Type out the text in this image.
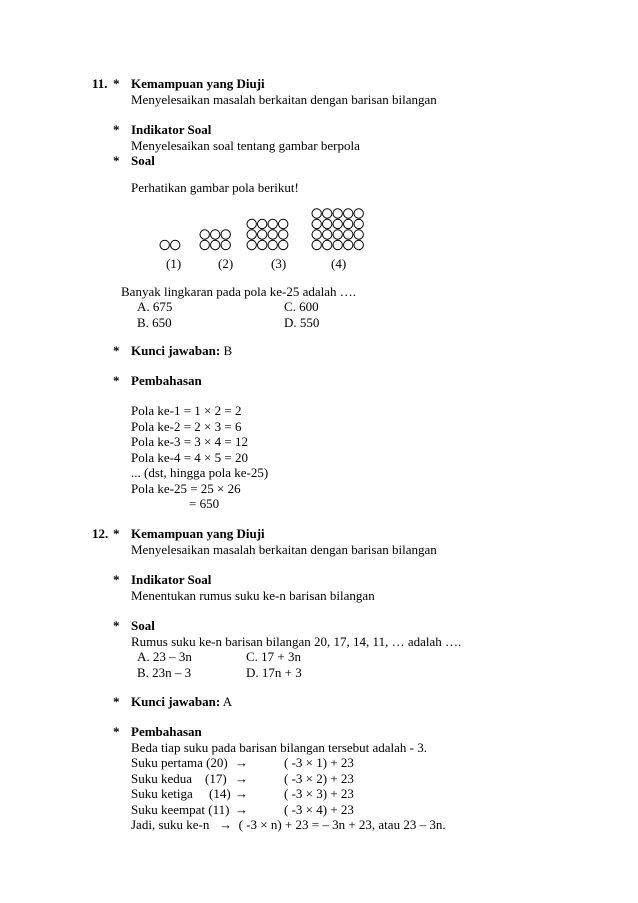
11. * Kemampuan yang Diuji
Menyelesaikan masalah berkaitan dengan barisan bilangan
* Indikator Soal
Menyelesaikan soal tentang gambar berpola
* Soal
Perhatikan gambar pola berikut!
(1)	(2)	(3)	(4)
Banyak lingkaran pada pola ke-25 adalah ….
A. 675	C. 600
B. 650	D. 550
* Kunci jawaban: B
* Pembahasan
Pola ke-1 = 1 × 2 = 2
Pola ke-2 = 2 × 3 = 6
Pola ke-3 = 3 × 4 = 12
Pola ke-4 = 4 × 5 = 20
... (dst, hingga pola ke-25)
Pola ke-25 = 25 × 26
= 650
12. * Kemampuan yang Diuji
Menyelesaikan masalah berkaitan dengan barisan bilangan
* Indikator Soal
Menentukan rumus suku ke-n barisan bilangan
* Soal
Rumus suku ke-n barisan bilangan 20, 17, 14, 11, … adalah ….
A. 23 – 3n	C. 17 + 3n
B. 23n – 3	D. 17n + 3
* Kunci jawaban: A
* Pembahasan
Beda tiap suku pada barisan bilangan tersebut adalah - 3.
Suku pertama (20) →	( -3 × 1) + 23
Suku kedua    (17) →	( -3 × 2) + 23
Suku ketiga     (14) →	( -3 × 3) + 23
Suku keempat (11) →	( -3 × 4) + 23
Jadi, suku ke-n   →  ( -3 × n) + 23 = – 3n + 23, atau 23 – 3n.
